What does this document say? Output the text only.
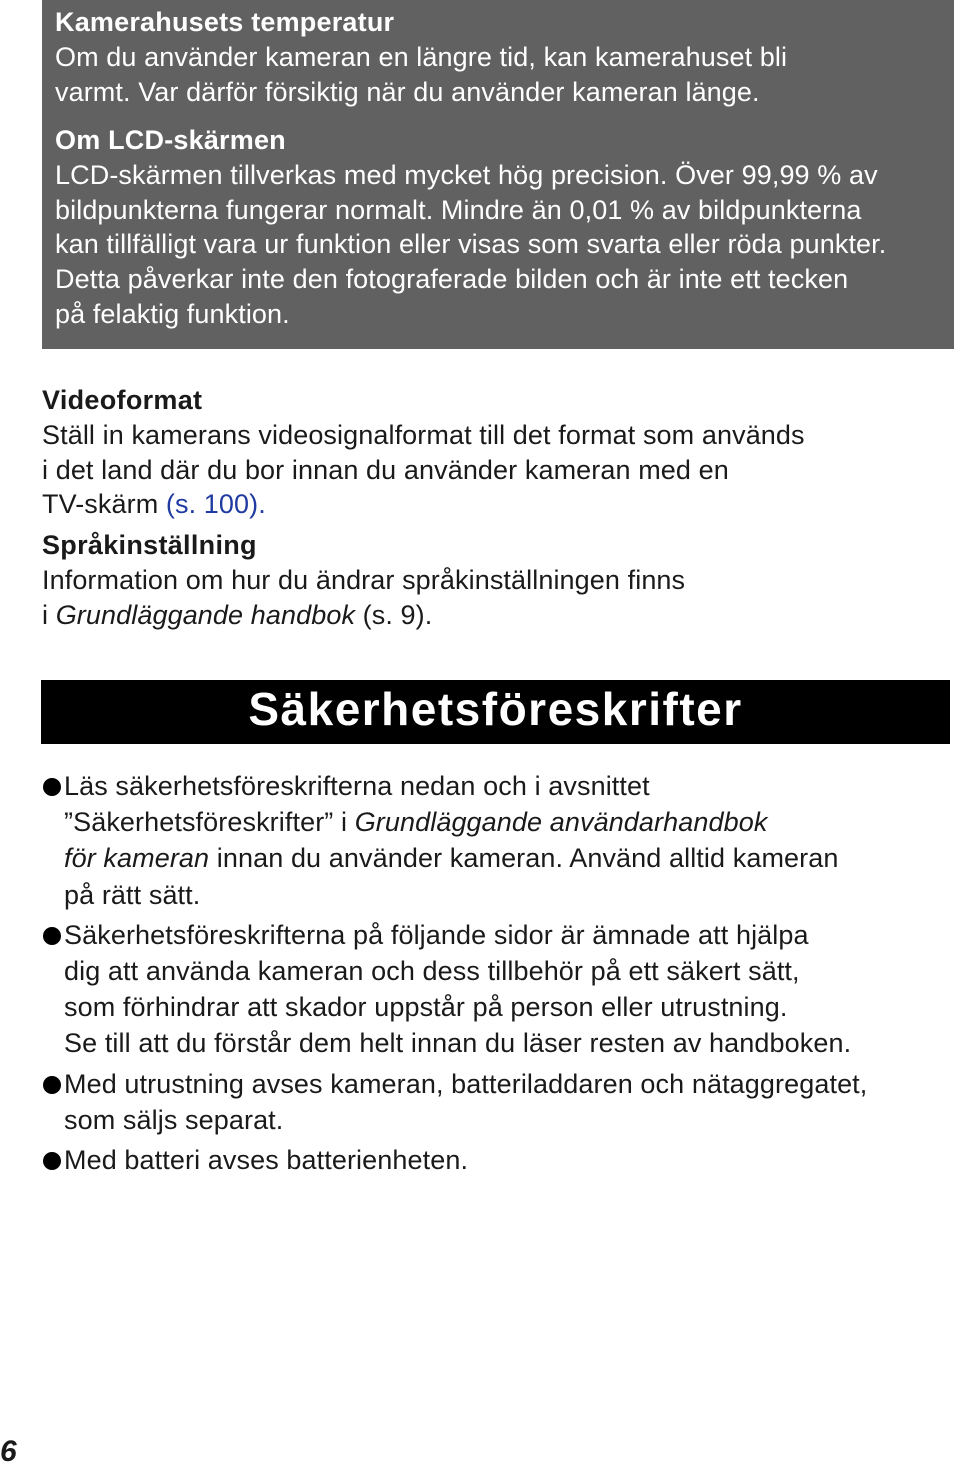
Kamerahusets temperatur

Om du använder kameran en längre tid, kan kamerahuset bli
varmt. Var därför försiktig när du använder kameran länge.

Om LCD-skärmen

LCD-skärmen tillverkas med mycket hög precision. Över 99,99 % av
bildpunkterna fungerar normalt. Mindre än 0,01 % av bildpunkterna
kan tillfälligt vara ur funktion eller visas som svarta eller röda punkter.
Detta påverkar inte den fotograferade bilden och är inte ett tecken
på felaktig funktion.

Videoformat

Ställ in kamerans videosignalformat till det format som används
i det land där du bor innan du använder kameran med en
TV-skärm (s. 100).

Språkinställning

Information om hur du ändrar språkinställningen finns
i Grundläggande handbok (s. 9).

Säkerhetsföreskrifter
Läs säkerhetsföreskrifterna nedan och i avsnittet
”Säkerhetsföreskrifter” i Grundläggande användarhandbok
för kameran innan du använder kameran. Använd alltid kameran
på rätt sätt.
Säkerhetsföreskrifterna på följande sidor är ämnade att hjälpa
dig att använda kameran och dess tillbehör på ett säkert sätt,
som förhindrar att skador uppstår på person eller utrustning.
Se till att du förstår dem helt innan du läser resten av handboken.
Med utrustning avses kameran, batteriladdaren och nätaggregatet,
som säljs separat.
Med batteri avses batterienheten.
6
